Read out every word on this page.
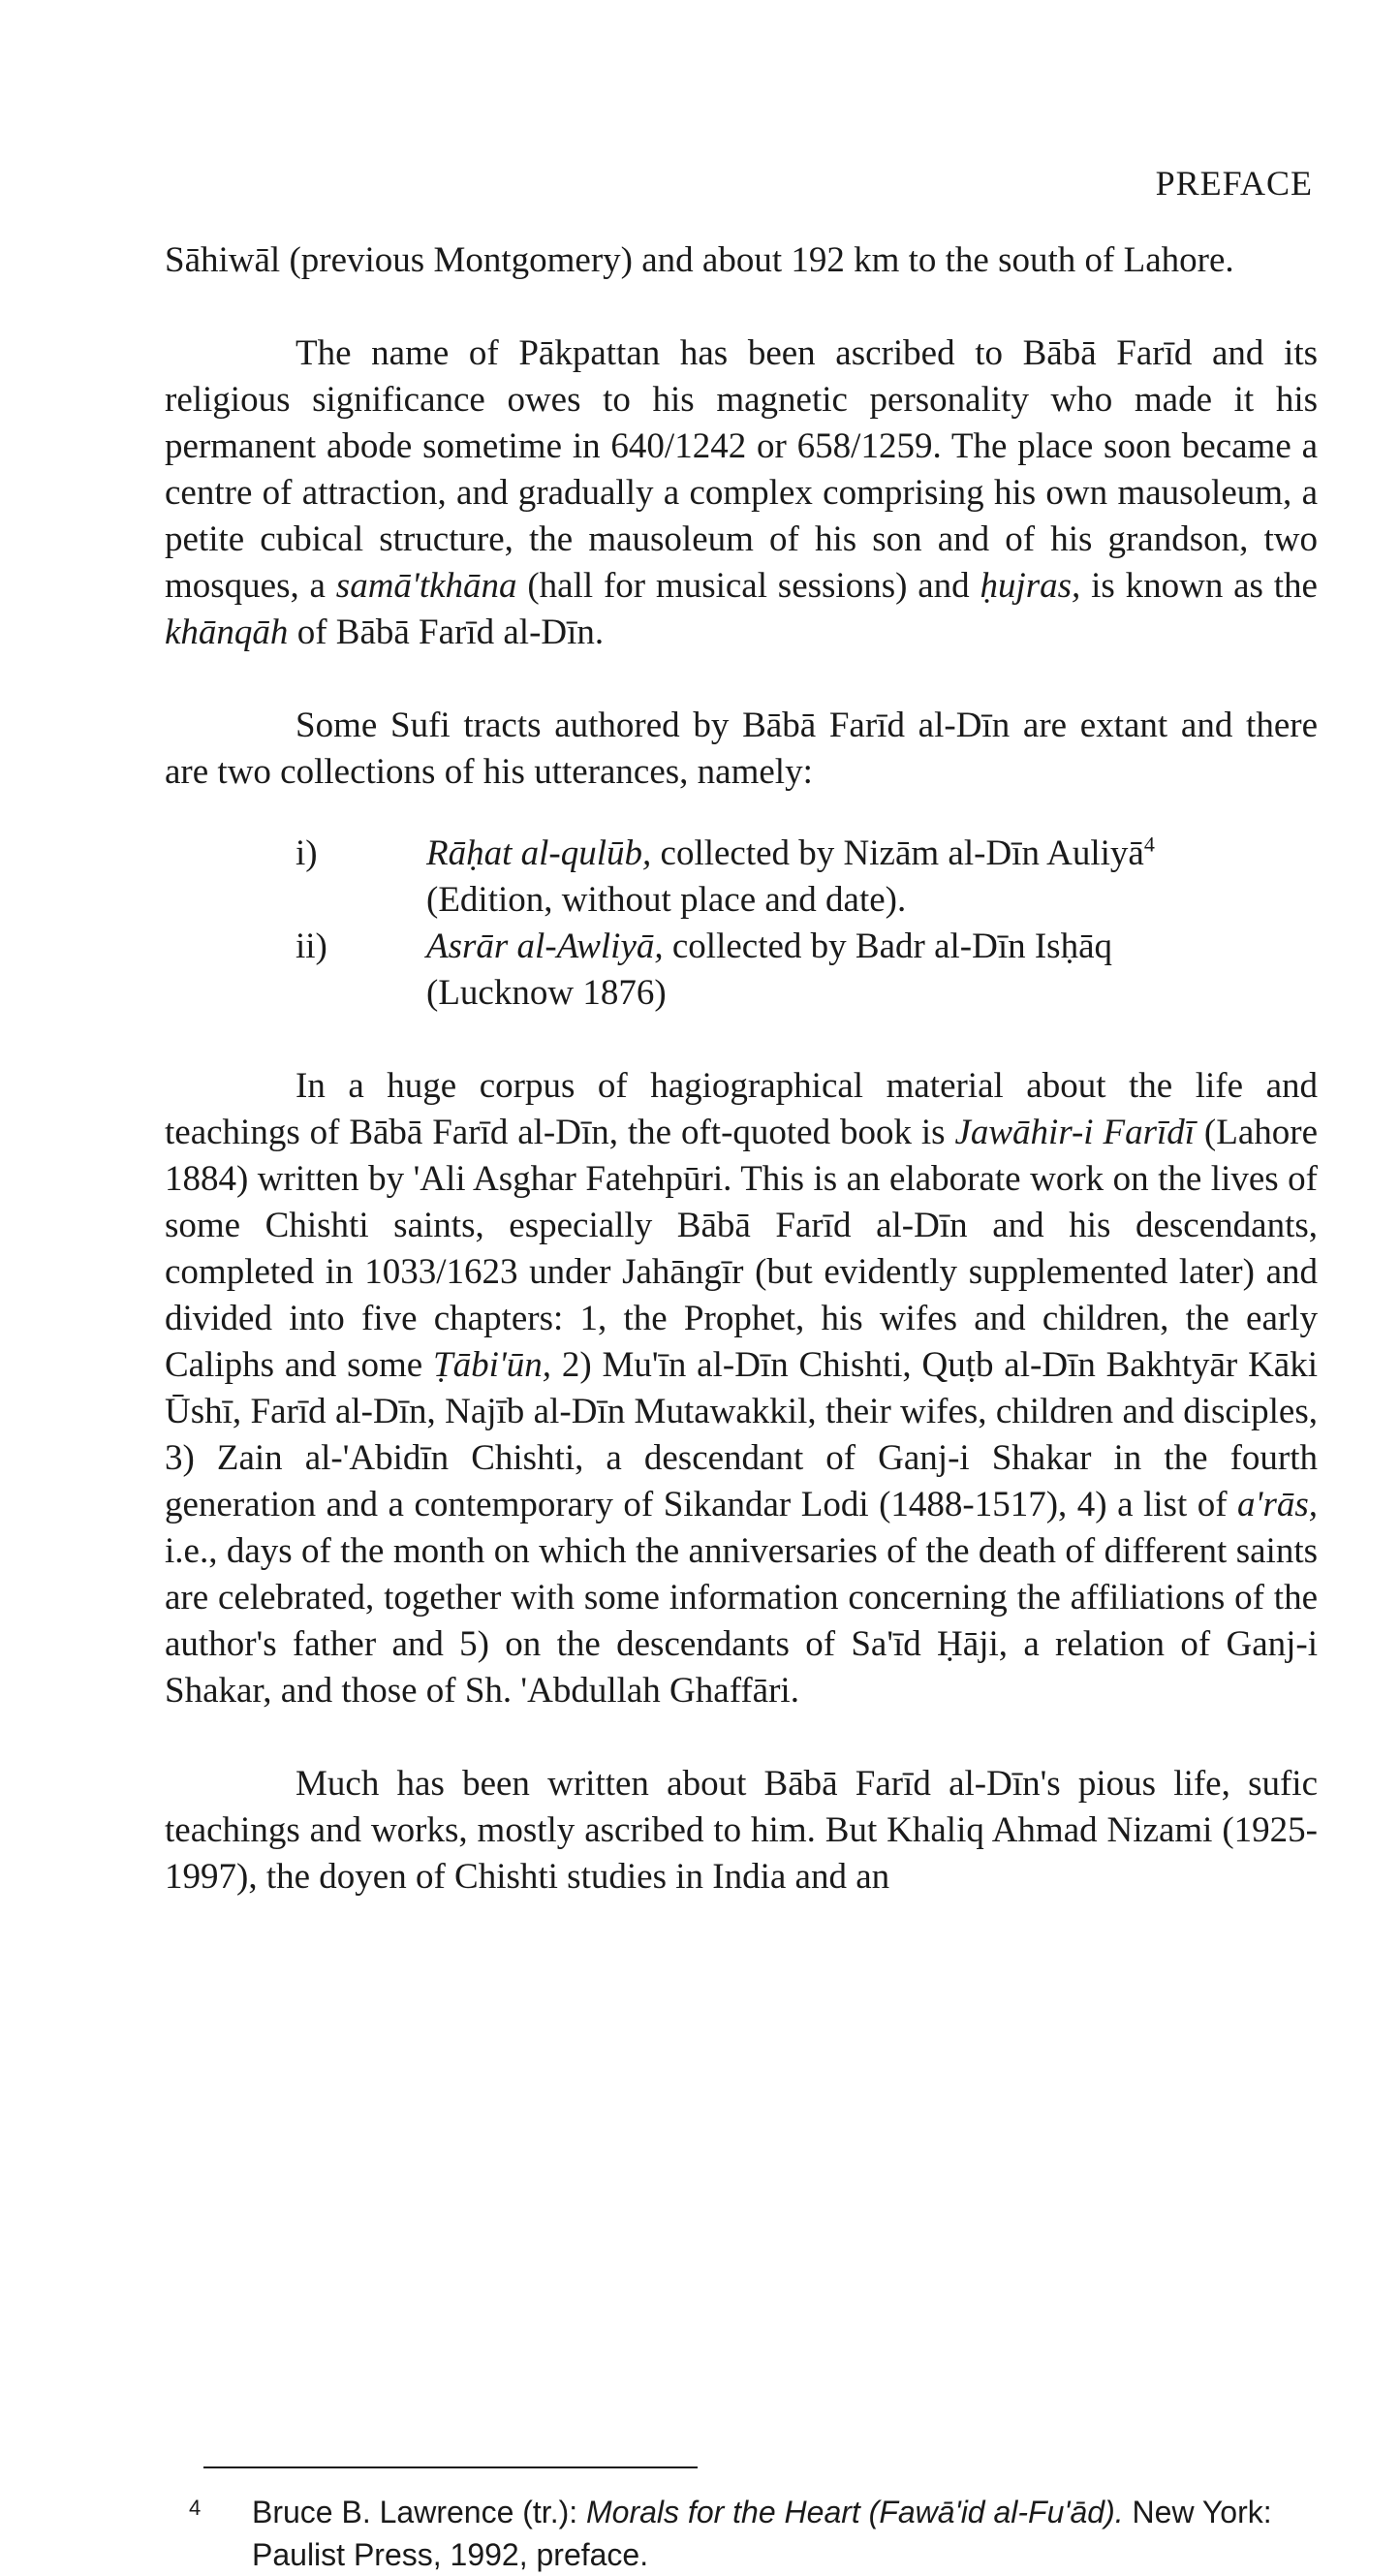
PREFACE

Sāhiwāl (previous Montgomery) and about 192 km to the south of Lahore.

The name of Pākpattan has been ascribed to Bābā Farīd and its religious significance owes to his magnetic personality who made it his permanent abode sometime in 640/1242 or 658/1259. The place soon became a centre of attraction, and gradually a complex comprising his own mausoleum, a petite cubical structure, the mausoleum of his son and of his grandson, two mosques, a samā'tkhāna (hall for musical sessions) and ḥujras, is known as the khānqāh of Bābā Farīd al-Dīn.

Some Sufi tracts authored by Bābā Farīd al-Dīn are extant and there are two collections of his utterances, namely:

i)	Rāḥat al-qulūb, collected by Nizām al-Dīn Auliyā$^4$
(Edition, without place and date).
ii)	Asrār al-Awliyā, collected by Badr al-Dīn Isḥāq
(Lucknow 1876)

In a huge corpus of hagiographical material about the life and teachings of Bābā Farīd al-Dīn, the oft-quoted book is Jawāhir-i Farīdī (Lahore 1884) written by 'Ali Asghar Fatehpūri. This is an elaborate work on the lives of some Chishti saints, especially Bābā Farīd al-Dīn and his descendants, completed in 1033/1623 under Jahāngīr (but evidently supplemented later) and divided into five chapters: 1, the Prophet, his wifes and children, the early Caliphs and some Ṭābi'ūn, 2) Mu'īn al-Dīn Chishti, Quṭb al-Dīn Bakhtyār Kāki Ūshī, Farīd al-Dīn, Najīb al-Dīn Mutawakkil, their wifes, children and disciples, 3) Zain al-'Abidīn Chishti, a descendant of Ganj-i Shakar in the fourth generation and a contemporary of Sikandar Lodi (1488-1517), 4) a list of a'rās, i.e., days of the month on which the anniversaries of the death of different saints are celebrated, together with some information concerning the affiliations of the author's father and 5) on the descendants of Sa'īd Ḥāji, a relation of Ganj-i Shakar, and those of Sh. 'Abdullah Ghaffāri.

Much has been written about Bābā Farīd al-Dīn's pious life, sufic teachings and works, mostly ascribed to him. But Khaliq Ahmad Nizami (1925-1997), the doyen of Chishti studies in India and an

4 Bruce B. Lawrence (tr.): Morals for the Heart (Fawā'id al-Fu'ād). New York: Paulist Press, 1992, preface.
